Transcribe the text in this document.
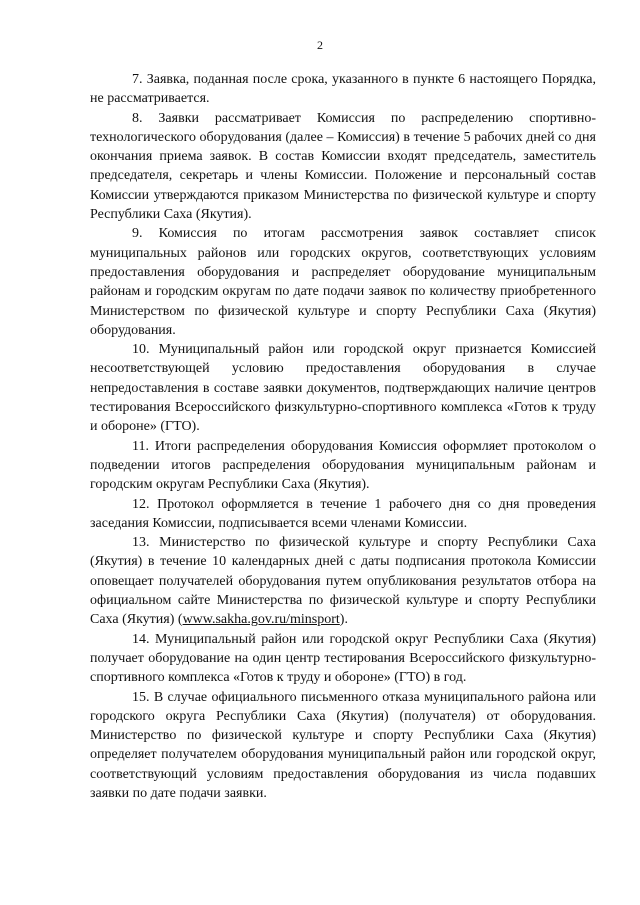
2

7. Заявка, поданная после срока, указанного в пункте 6 настоящего Порядка, не рассматривается.

8. Заявки рассматривает Комиссия по распределению спортивно-технологического оборудования (далее – Комиссия) в течение 5 рабочих дней со дня окончания приема заявок. В состав Комиссии входят председатель, заместитель председателя, секретарь и члены Комиссии. Положение и персональный состав Комиссии утверждаются приказом Министерства по физической культуре и спорту Республики Саха (Якутия).

9. Комиссия по итогам рассмотрения заявок составляет список муниципальных районов или городских округов, соответствующих условиям предоставления оборудования и распределяет оборудование муниципальным районам и городским округам по дате подачи заявок по количеству приобретенного Министерством по физической культуре и спорту Республики Саха (Якутия) оборудования.

10. Муниципальный район или городской округ признается Комиссией несоответствующей условию предоставления оборудования в случае непредоставления в составе заявки документов, подтверждающих наличие центров тестирования Всероссийского физкультурно-спортивного комплекса «Готов к труду и обороне» (ГТО).

11. Итоги распределения оборудования Комиссия оформляет протоколом о подведении итогов распределения оборудования муниципальным районам и городским округам Республики Саха (Якутия).

12. Протокол оформляется в течение 1 рабочего дня со дня проведения заседания Комиссии, подписывается всеми членами Комиссии.

13. Министерство по физической культуре и спорту Республики Саха (Якутия) в течение 10 календарных дней с даты подписания протокола Комиссии оповещает получателей оборудования путем опубликования результатов отбора на официальном сайте Министерства по физической культуре и спорту Республики Саха (Якутия) (www.sakha.gov.ru/minsport).

14. Муниципальный район или городской округ Республики Саха (Якутия) получает оборудование на один центр тестирования Всероссийского физкультурно-спортивного комплекса «Готов к труду и обороне» (ГТО) в год.

15. В случае официального письменного отказа муниципального района или городского округа Республики Саха (Якутия) (получателя) от оборудования. Министерство по физической культуре и спорту Республики Саха (Якутия) определяет получателем оборудования муниципальный район или городской округ, соответствующий условиям предоставления оборудования из числа подавших заявки по дате подачи заявки.
